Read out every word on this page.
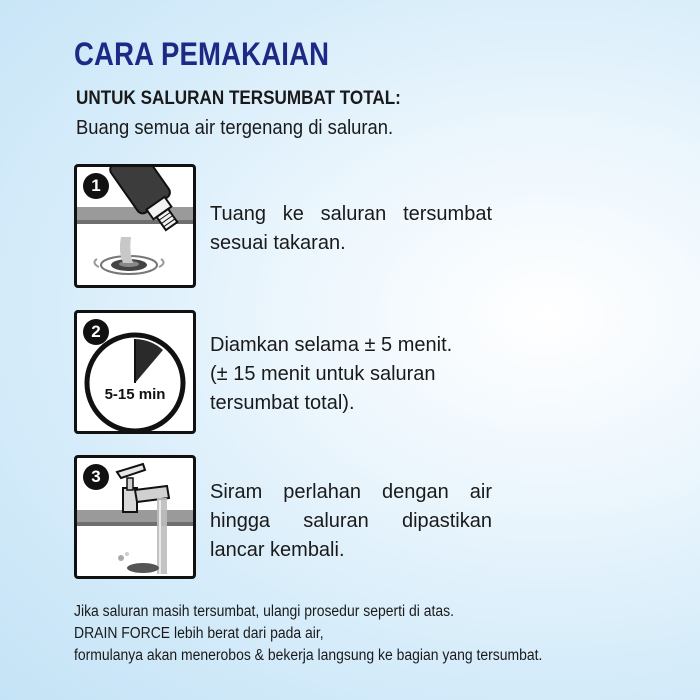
CARA PEMAKAIAN
UNTUK SALURAN TERSUMBAT TOTAL:
Buang semua air tergenang di saluran.
1
Tuang ke saluran tersumbat
sesuai takaran.
2
5-15 min
Diamkan selama ± 5 menit.
(± 15 menit untuk saluran
tersumbat total).
3
Siram perlahan dengan air
hingga saluran dipastikan
lancar kembali.
Jika saluran masih tersumbat, ulangi prosedur seperti di atas.
DRAIN FORCE lebih berat dari pada air,
formulanya akan menerobos & bekerja langsung ke bagian yang tersumbat.
